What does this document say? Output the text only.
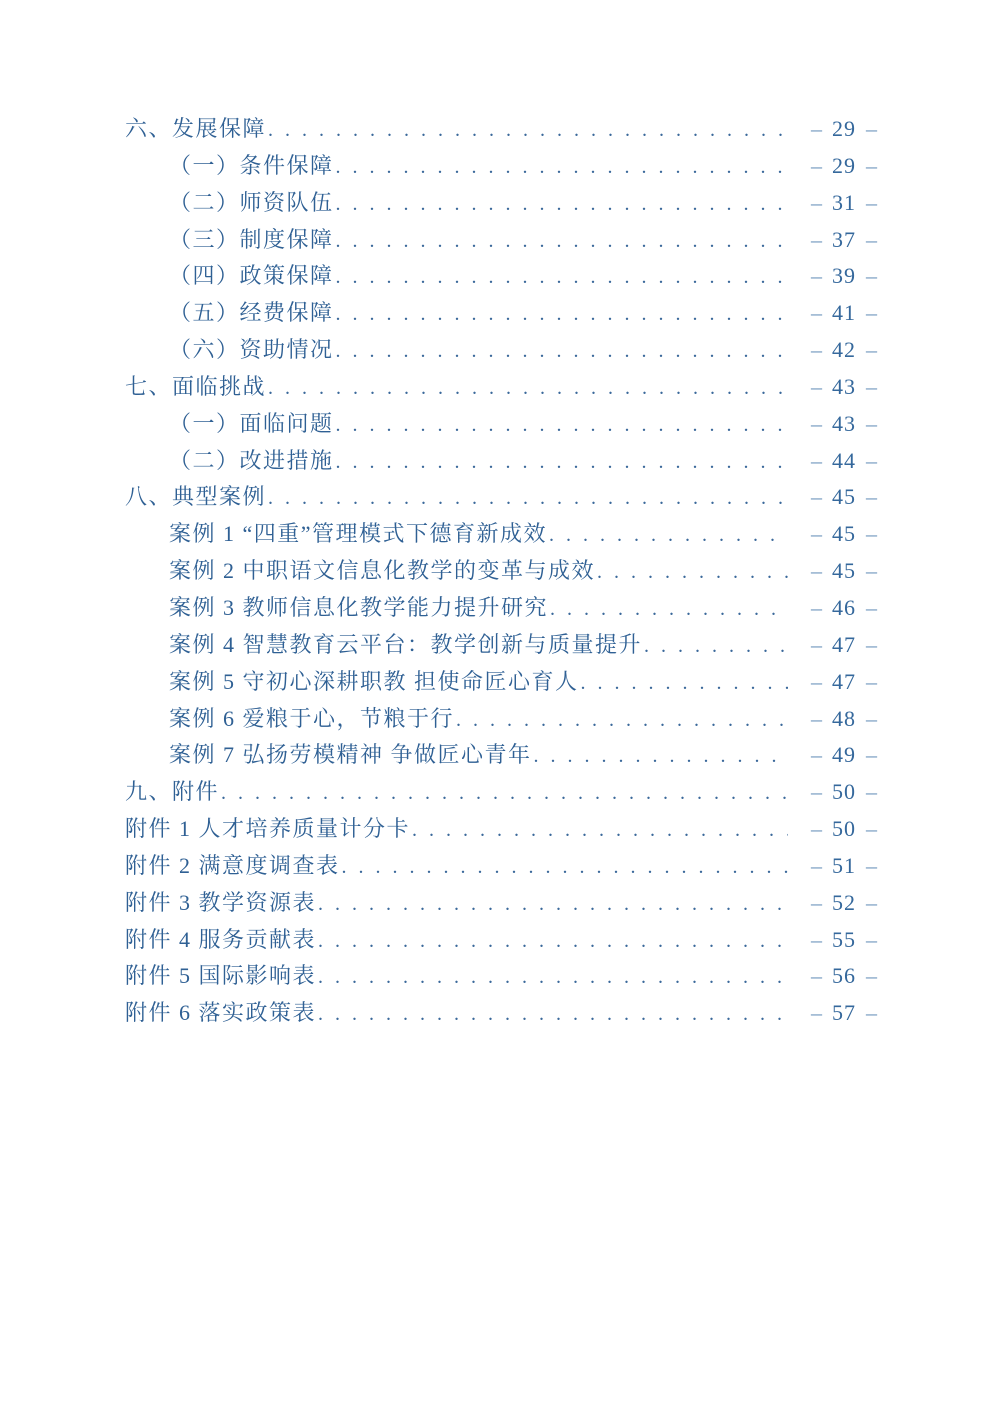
六、发展保障 . . .	– 29 –
（一）条件保障 . . .	– 29 –
（二）师资队伍 . . .	– 31 –
（三）制度保障 . . .	– 37 –
（四）政策保障 . . .	– 39 –
（五）经费保障 . . .	– 41 –
（六）资助情况 . . .	– 42 –
七、面临挑战 . . .	– 43 –
（一）面临问题 . . .	– 43 –
（二）改进措施 . . .	– 44 –
八、典型案例 . . .	– 45 –
案例 1 “四重”管理模式下德育新成效 . . .	– 45 –
案例 2 中职语文信息化教学的变革与成效 . . .	– 45 –
案例 3 教师信息化教学能力提升研究 . . .	– 46 –
案例 4 智慧教育云平台：教学创新与质量提升 . . .	– 47 –
案例 5 守初心深耕职教 担使命匠心育人 . . .	– 47 –
案例 6 爱粮于心，节粮于行 . . .	– 48 –
案例 7 弘扬劳模精神 争做匠心青年 . . .	– 49 –
九、附件 . . .	– 50 –
附件 1 人才培养质量计分卡 . . .	– 50 –
附件 2 满意度调查表 . . .	– 51 –
附件 3 教学资源表 . . .	– 52 –
附件 4 服务贡献表 . . .	– 55 –
附件 5 国际影响表 . . .	– 56 –
附件 6 落实政策表 . . .	– 57 –
